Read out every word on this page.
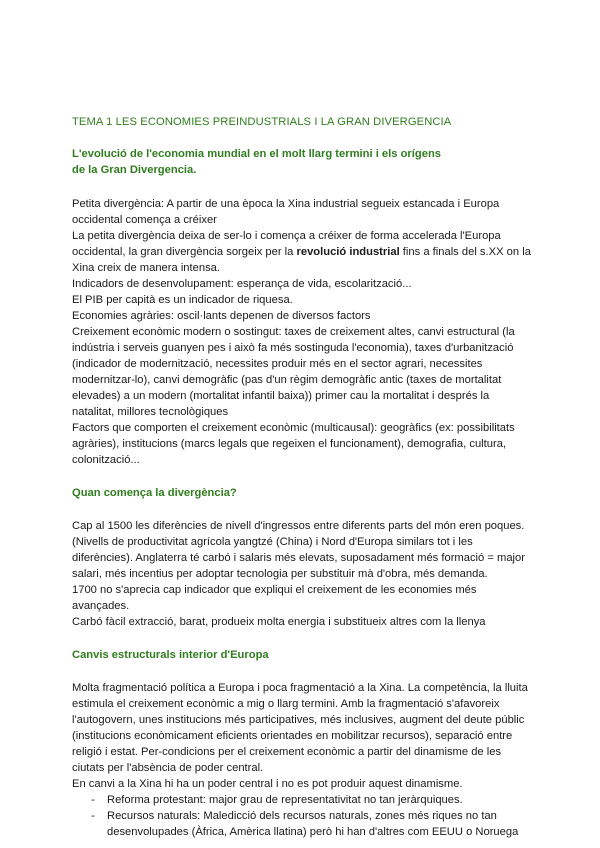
TEMA 1 LES ECONOMIES PREINDUSTRIALS I LA GRAN DIVERGENCIA

L'evolució de l'economia mundial en el molt llarg termini i els orígens
de la Gran Divergencia.

Petita divergència: A partir de una època la Xina industrial segueix estancada i Europa occidental comença a créixer

La petita divergència deixa de ser-lo i comença a créixer de forma accelerada l'Europa occidental, la gran divergència sorgeix per la revolució industrial fins a finals del s.XX on la Xina creix de manera intensa.

Indicadors de desenvolupament: esperança de vida, escolarització...

El PIB per capità es un indicador de riquesa.

Economies agràries: oscil·lants depenen de diversos factors

Creixement econòmic modern o sostingut: taxes de creixement altes, canvi estructural (la indústria i serveis guanyen pes i això fa més sostinguda l'economia), taxes d'urbanització (indicador de modernització, necessites produir més en el sector agrari, necessites modernitzar-lo), canvi demogràfic (pas d'un règim demogràfic antic (taxes de mortalitat elevades) a un modern (mortalitat infantil baixa)) primer cau la mortalitat i després la natalitat, millores tecnològiques

Factors que comporten el creixement econòmic (multicausal): geogràfics (ex: possibilitats agràries), institucions (marcs legals que regeixen el funcionament), demografia, cultura, colonització...

Quan comença la divergència?

Cap al 1500 les diferències de nivell d'ingressos entre diferents parts del món eren poques. (Nivells de productivitat agrícola yangtzé (China) i Nord d'Europa similars tot i les diferències). Anglaterra té carbó i salaris més elevats, suposadament més formació = major salari, més incentius per adoptar tecnologia per substituir mà d'obra, més demanda.

1700 no s'aprecia cap indicador que expliqui el creixement de les economies més avançades.

Carbó fàcil extracció, barat, produeix molta energia i substitueix altres com la llenya

Canvis estructurals interior d'Europa

Molta fragmentació política a Europa i poca fragmentació a la Xina. La competència, la lluita estimula el creixement econòmic a mig o llarg termini. Amb la fragmentació s'afavoreix l'autogovern, unes institucions més participatives, més inclusives, augment del deute públic (institucions econòmicament eficients orientades en mobilitzar recursos), separació entre religió i estat. Per-condicions per el creixement econòmic a partir del dinamisme de les ciutats per l'absència de poder central.

En canvi a la Xina hi ha un poder central i no es pot produir aquest dinamisme.

- Reforma protestant: major grau de representativitat no tan jeràrquiques.
- Recursos naturals: Maledicció dels recursos naturals, zones més riques no tan desenvolupades (Àfrica, Amèrica llatina) però hi han d'altres com EEUU o Noruega
